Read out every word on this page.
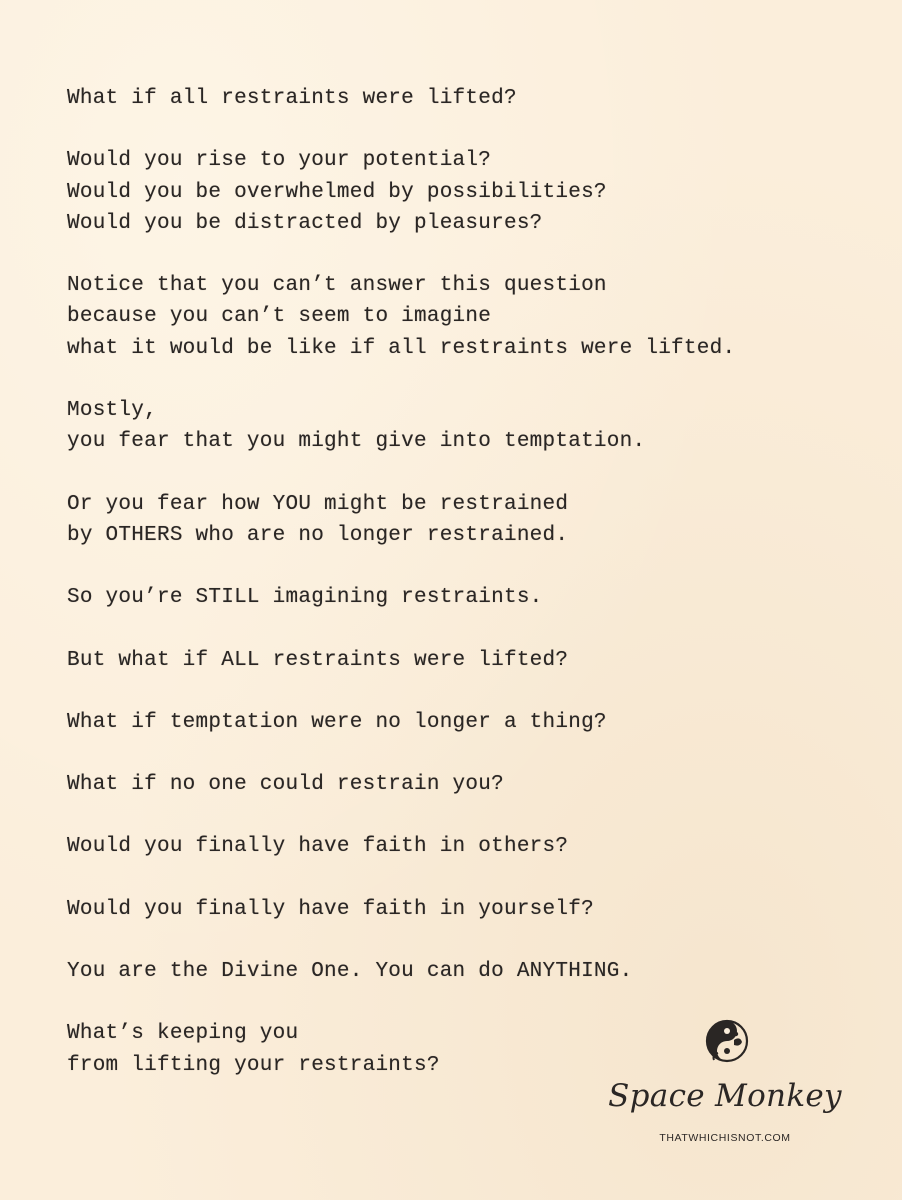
What if all restraints were lifted?
Would you rise to your potential?
Would you be overwhelmed by possibilities?
Would you be distracted by pleasures?
Notice that you can’t answer this question
because you can’t seem to imagine
what it would be like if all restraints were lifted.
Mostly,
you fear that you might give into temptation.
Or you fear how YOU might be restrained
by OTHERS who are no longer restrained.
So you’re STILL imagining restraints.
But what if ALL restraints were lifted?
What if temptation were no longer a thing?
What if no one could restrain you?
Would you finally have faith in others?
Would you finally have faith in yourself?
You are the Divine One. You can do ANYTHING.
What’s keeping you
from lifting your restraints?
Space Monkey
THATWHICHISNOT.COM
